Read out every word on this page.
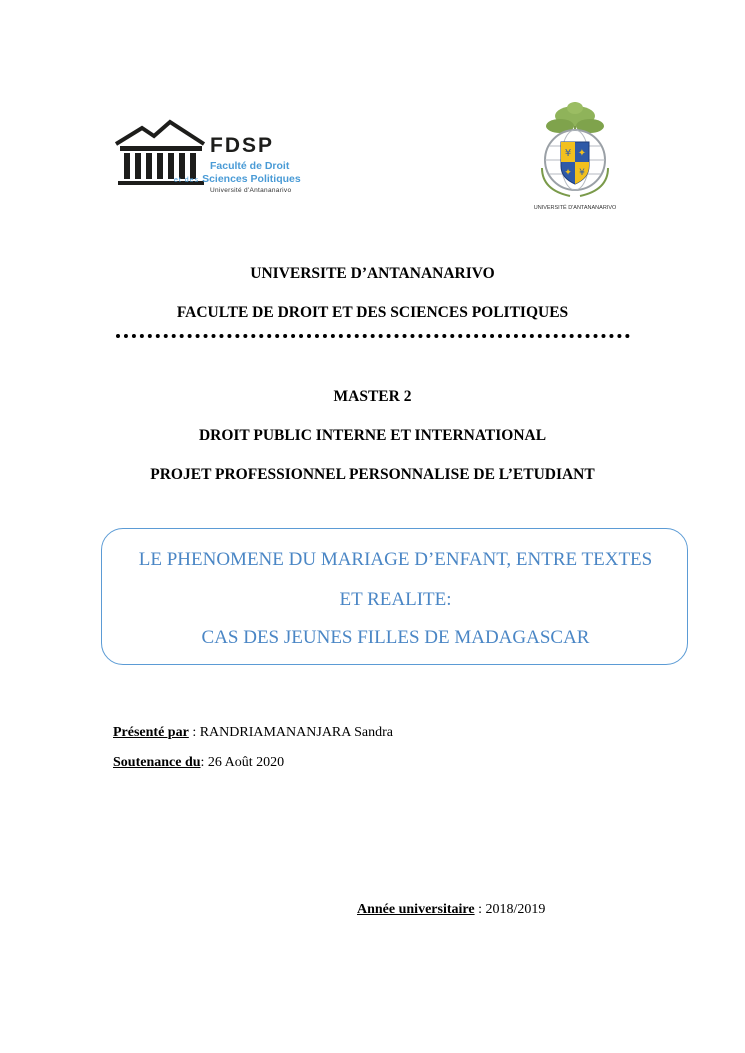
FDSP
Faculté de Droit
et des Sciences Politiques
Université d'Antananarivo
¥ ✦
✦ ¥
UNIVERSITÉ D'ANTANANARIVO
UNIVERSITE D’ANTANANARIVO
FACULTE DE DROIT ET DES SCIENCES POLITIQUES
MASTER 2
DROIT PUBLIC INTERNE ET INTERNATIONAL
PROJET PROFESSIONNEL PERSONNALISE DE L’ETUDIANT
LE PHENOMENE DU MARIAGE D’ENFANT, ENTRE TEXTES
ET REALITE:
CAS DES JEUNES FILLES DE MADAGASCAR
Présenté par : RANDRIAMANANJARA Sandra
Soutenance du: 26 Août 2020
Année universitaire : 2018/2019
